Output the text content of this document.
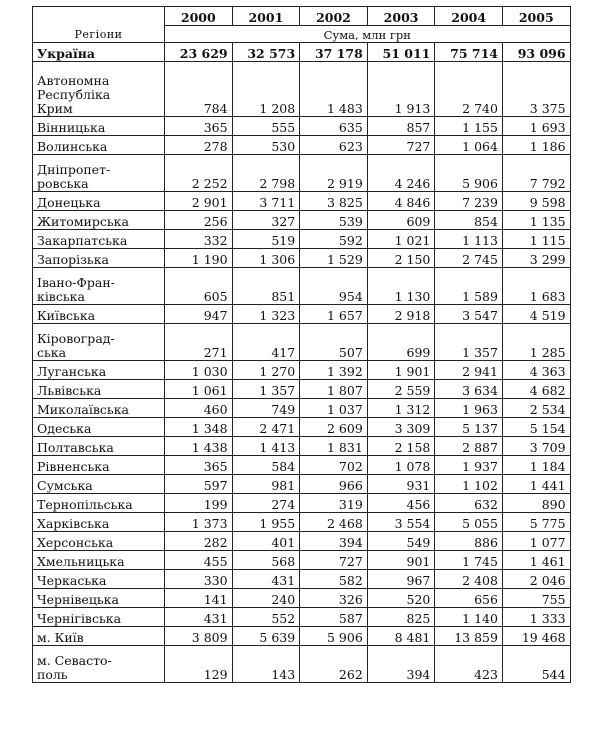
Регіони	2000	2001	2002	2003	2004	2005
	Сума, млн грн					
Україна	23 629	32 573	37 178	51 011	75 714	93 096

Автономна
Республіка
Крим	784	1 208	1 483	1 913	2 740	3 375

Вінницька	365	555	635	857	1 155	1 693

Волинська	278	530	623	727	1 064	1 186

Дніпропет-
ровська	2 252	2 798	2 919	4 246	5 906	7 792

Донецька	2 901	3 711	3 825	4 846	7 239	9 598

Житомирська	256	327	539	609	854	1 135

Закарпатська	332	519	592	1 021	1 113	1 115

Запорізька	1 190	1 306	1 529	2 150	2 745	3 299

Івано-Фран-
ківська	605	851	954	1 130	1 589	1 683

Київська	947	1 323	1 657	2 918	3 547	4 519

Кіровоград-
ська	271	417	507	699	1 357	1 285

Луганська	1 030	1 270	1 392	1 901	2 941	4 363

Львівська	1 061	1 357	1 807	2 559	3 634	4 682

Миколаївська	460	749	1 037	1 312	1 963	2 534

Одеська	1 348	2 471	2 609	3 309	5 137	5 154

Полтавська	1 438	1 413	1 831	2 158	2 887	3 709

Рівненська	365	584	702	1 078	1 937	1 184

Сумська	597	981	966	931	1 102	1 441

Тернопільська	199	274	319	456	632	890

Харківська	1 373	1 955	2 468	3 554	5 055	5 775

Херсонська	282	401	394	549	886	1 077

Хмельницька	455	568	727	901	1 745	1 461

Черкаська	330	431	582	967	2 408	2 046

Чернівецька	141	240	326	520	656	755

Чернігівська	431	552	587	825	1 140	1 333

м. Київ	3 809	5 639	5 906	8 481	13 859	19 468

м. Севасто-
поль	129	143	262	394	423	544
